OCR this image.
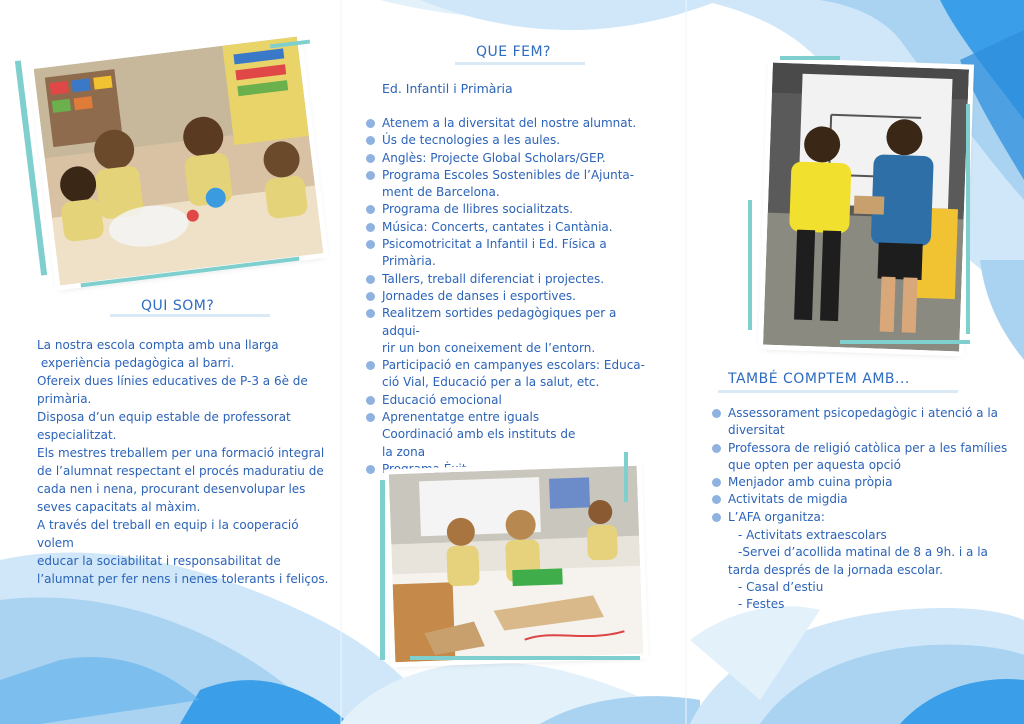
QUI SOM?
La nostra escola compta amb una llarga
experiència pedagògica al barri.
Ofereix dues línies educatives de P-3 a 6è de
primària.
Disposa d’un equip estable de professorat
especialitzat.
Els mestres treballem per una formació integral
de l’alumnat respectant el procés maduratiu de
cada nen i nena, procurant desenvolupar les
seves capacitats al màxim.
A través del treball en equip i la cooperació volem
educar la sociabilitat i responsabilitat de
l’alumnat per fer nens i nenes tolerants i feliços.
QUE FEM?
Ed. Infantil i Primària
Atenem a la diversitat del nostre alumnat.
Ús de tecnologies a les aules.
Anglès: Projecte Global Scholars/GEP.
Programa Escoles Sostenibles de l’Ajunta-
ment de Barcelona.
Programa de llibres socialitzats.
Música: Concerts, cantates i Cantània.
Psicomotricitat a Infantil i Ed. Física a
Primària.
Tallers, treball diferenciat i projectes.
Jornades de danses i esportives.
Realitzem sortides pedagògiques per a adqui-
rir un bon coneixement de l’entorn.
Participació en campanyes escolars: Educa-
ció Vial, Educació per a la salut, etc.
Educació emocional
Aprenentatge entre iguals
Coordinació amb els instituts de
la zona
Programa Èxit
TAMBÉ COMPTEM AMB...
Assessorament psicopedagògic i atenció a la
diversitat
Professora de religió catòlica per a les famílies
que opten per aquesta opció
Menjador amb cuina pròpia
Activitats de migdia
L’AFA organitza:
- Activitats extraescolars
-Servei d’acollida matinal de 8 a 9h. i a la
tarda després de la jornada escolar.
- Casal d’estiu
- Festes
